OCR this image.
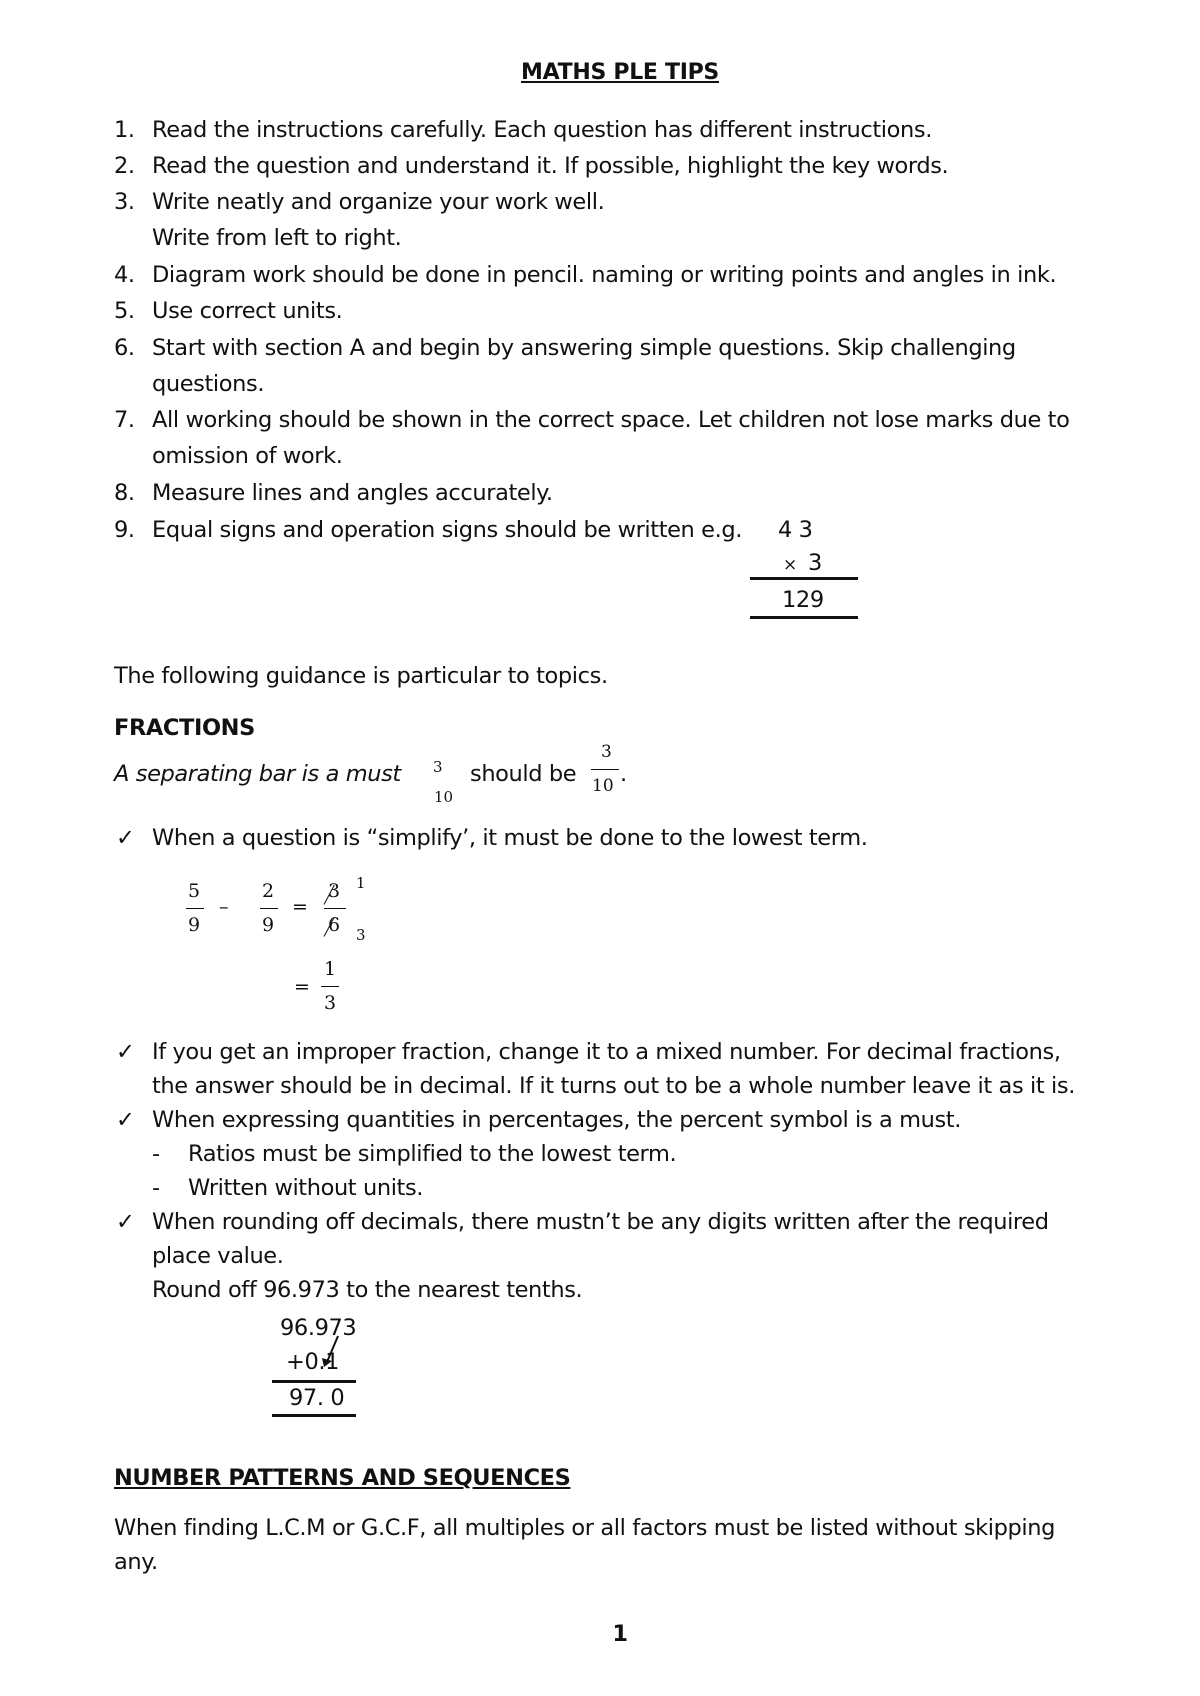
MATHS PLE TIPS
1. Read the instructions carefully. Each question has different instructions.
2. Read the question and understand it. If possible, highlight the key words.
3. Write neatly and organize your work well.
Write from left to right.
4. Diagram work should be done in pencil. naming or writing points and angles in ink.
5. Use correct units.
6. Start with section A and begin by answering simple questions. Skip challenging
questions.
7. All working should be shown in the correct space. Let children not lose marks due to
omission of work.
8. Measure lines and angles accurately.
9. Equal signs and operation signs should be written e.g. 4 3
× 3
129
The following guidance is particular to topics.
FRACTIONS
A separating bar is a must 3
10
should be
3
10 .
✓ When a question is “simplify’, it must be done to the lowest term.
5
9
–
2
9
=
3 1
6 3
=
1
3
✓ If you get an improper fraction, change it to a mixed number. For decimal fractions,
the answer should be in decimal. If it turns out to be a whole number leave it as it is.
✓ When expressing quantities in percentages, the percent symbol is a must.
- Ratios must be simplified to the lowest term.
- Written without units.
✓ When rounding off decimals, there mustn’t be any digits written after the required
place value.
Round off 96.973 to the nearest tenths.
96.973
+0.1
97. 0
NUMBER PATTERNS AND SEQUENCES
When finding L.C.M or G.C.F, all multiples or all factors must be listed without skipping
any.
1
